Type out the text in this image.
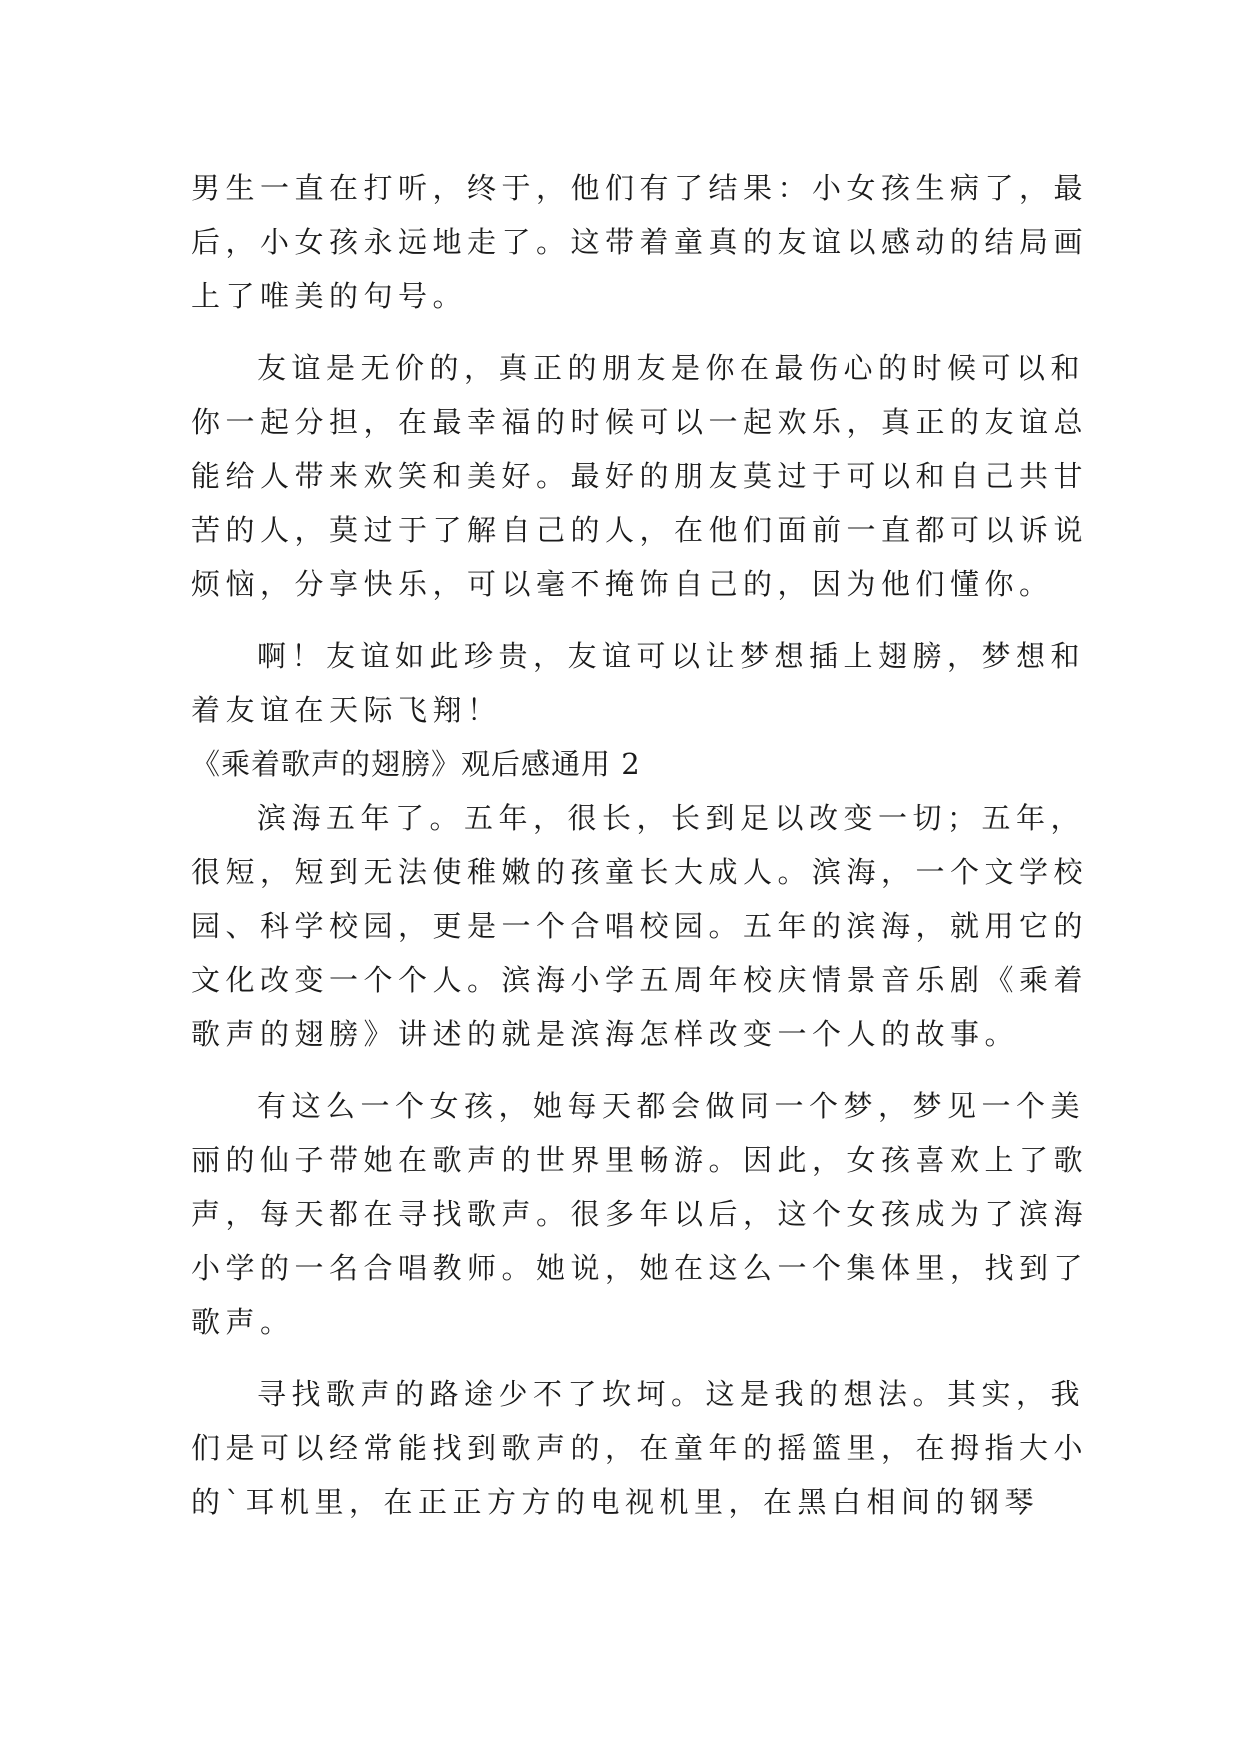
男生一直在打听，终于，他们有了结果：小女孩生病了，最
后，小女孩永远地走了。这带着童真的友谊以感动的结局画
上了唯美的句号。
友谊是无价的，真正的朋友是你在最伤心的时候可以和
你一起分担，在最幸福的时候可以一起欢乐，真正的友谊总
能给人带来欢笑和美好。最好的朋友莫过于可以和自己共甘
苦的人，莫过于了解自己的人，在他们面前一直都可以诉说
烦恼，分享快乐，可以毫不掩饰自己的，因为他们懂你。
啊！友谊如此珍贵，友谊可以让梦想插上翅膀，梦想和
着友谊在天际飞翔！
《乘着歌声的翅膀》观后感通用 2
滨海五年了。五年，很长，长到足以改变一切；五年，
很短，短到无法使稚嫩的孩童长大成人。滨海，一个文学校
园、科学校园，更是一个合唱校园。五年的滨海，就用它的
文化改变一个个人。滨海小学五周年校庆情景音乐剧《乘着
歌声的翅膀》讲述的就是滨海怎样改变一个人的故事。
有这么一个女孩，她每天都会做同一个梦，梦见一个美
丽的仙子带她在歌声的世界里畅游。因此，女孩喜欢上了歌
声，每天都在寻找歌声。很多年以后，这个女孩成为了滨海
小学的一名合唱教师。她说，她在这么一个集体里，找到了
歌声。
寻找歌声的路途少不了坎坷。这是我的想法。其实，我
们是可以经常能找到歌声的，在童年的摇篮里，在拇指大小
的`耳机里，在正正方方的电视机里，在黑白相间的钢琴
